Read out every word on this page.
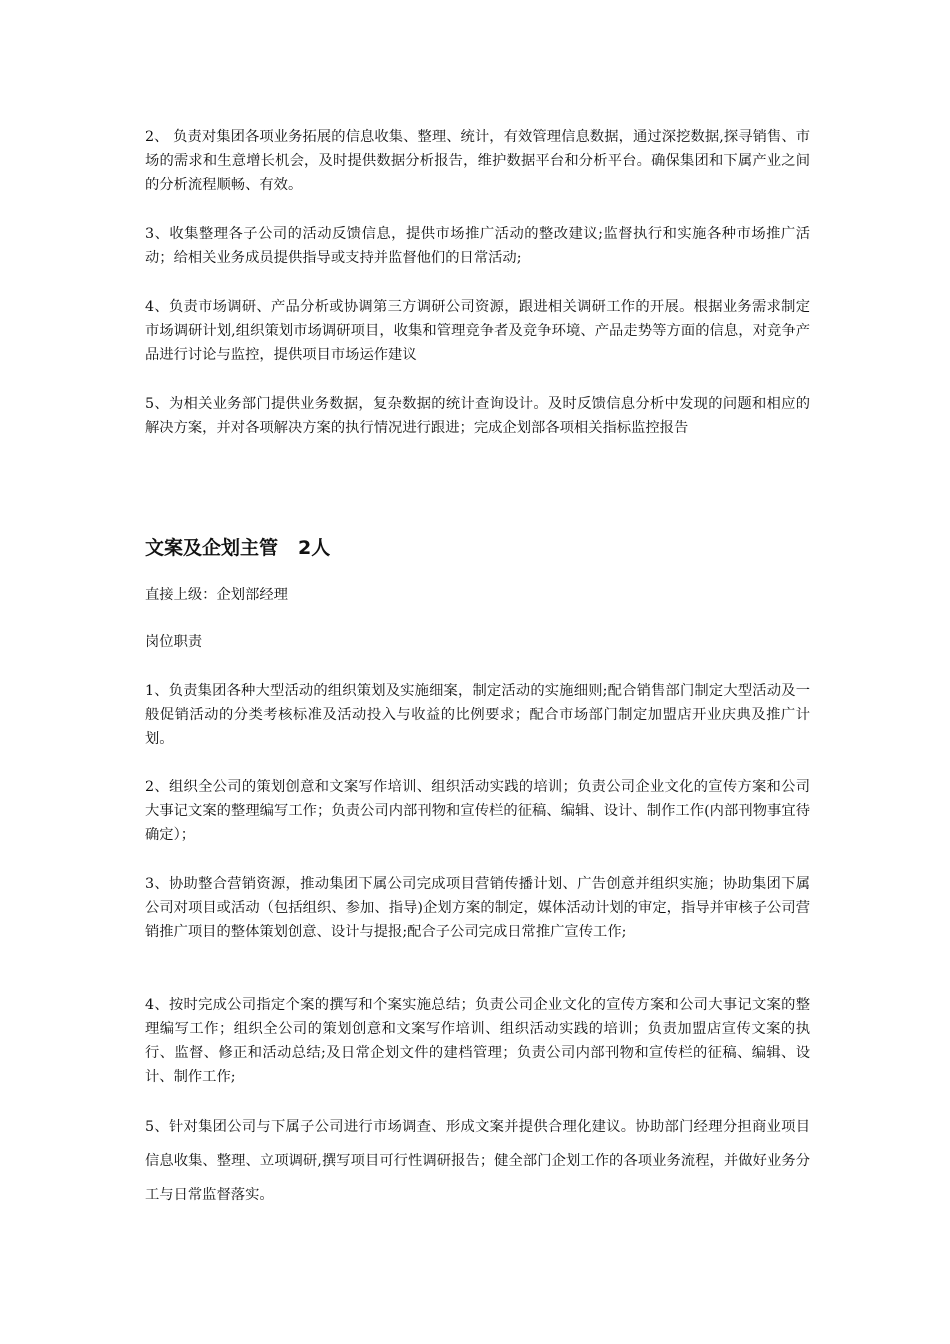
2、 负责对集团各项业务拓展的信息收集、整理、统计，有效管理信息数据，通过深挖数据,探寻销售、市场的需求和生意增长机会，及时提供数据分析报告，维护数据平台和分析平台。确保集团和下属产业之间的分析流程顺畅、有效。

3、收集整理各子公司的活动反馈信息，提供市场推广活动的整改建议;监督执行和实施各种市场推广活动；给相关业务成员提供指导或支持并监督他们的日常活动;

4、负责市场调研、产品分析或协调第三方调研公司资源，跟进相关调研工作的开展。根据业务需求制定市场调研计划,组织策划市场调研项目，收集和管理竞争者及竞争环境、产品走势等方面的信息，对竞争产品进行讨论与监控，提供项目市场运作建议

5、为相关业务部门提供业务数据，复杂数据的统计查询设计。及时反馈信息分析中发现的问题和相应的解决方案，并对各项解决方案的执行情况进行跟进；完成企划部各项相关指标监控报告

文案及企划主管 2人

直接上级：企划部经理

岗位职责

1、负责集团各种大型活动的组织策划及实施细案，制定活动的实施细则;配合销售部门制定大型活动及一般促销活动的分类考核标准及活动投入与收益的比例要求；配合市场部门制定加盟店开业庆典及推广计划。

2、组织全公司的策划创意和文案写作培训、组织活动实践的培训；负责公司企业文化的宣传方案和公司大事记文案的整理编写工作；负责公司内部刊物和宣传栏的征稿、编辑、设计、制作工作(内部刊物事宜待确定）；

3、协助整合营销资源，推动集团下属公司完成项目营销传播计划、广告创意并组织实施；协助集团下属公司对项目或活动（包括组织、参加、指导)企划方案的制定，媒体活动计划的审定，指导并审核子公司营销推广项目的整体策划创意、设计与提报;配合子公司完成日常推广宣传工作;

4、按时完成公司指定个案的撰写和个案实施总结；负责公司企业文化的宣传方案和公司大事记文案的整理编写工作；组织全公司的策划创意和文案写作培训、组织活动实践的培训；负责加盟店宣传文案的执行、监督、修正和活动总结;及日常企划文件的建档管理；负责公司内部刊物和宣传栏的征稿、编辑、设计、制作工作;

5、针对集团公司与下属子公司进行市场调查、形成文案并提供合理化建议。协助部门经理分担商业项目信息收集、整理、立项调研,撰写项目可行性调研报告；健全部门企划工作的各项业务流程，并做好业务分工与日常监督落实。
